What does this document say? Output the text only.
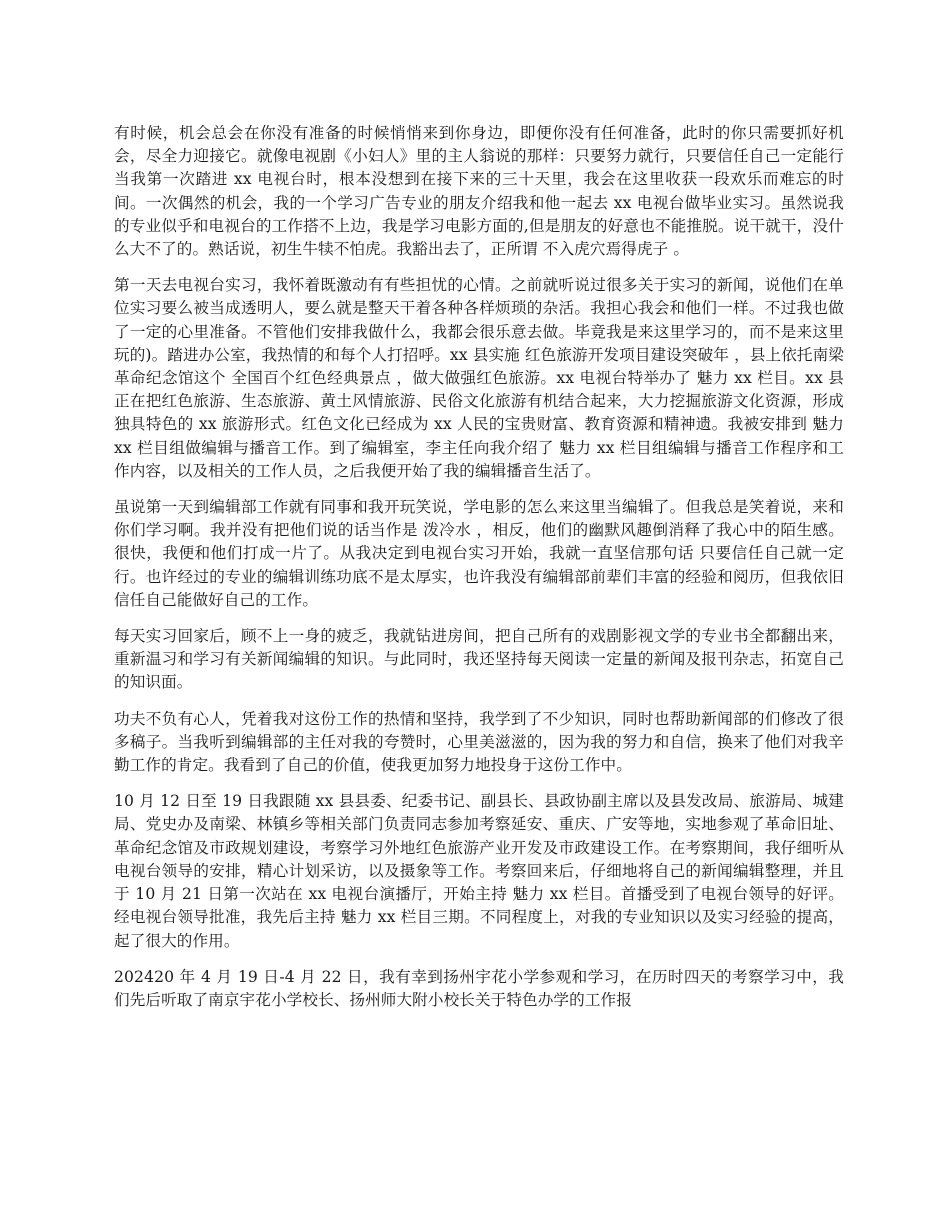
有时候，机会总会在你没有准备的时候悄悄来到你身边，即便你没有任何准备，此时的你只需要抓好机会，尽全力迎接它。就像电视剧《小妇人》里的主人翁说的那样：只要努力就行，只要信任自己一定能行当我第一次踏进 xx 电视台时，根本没想到在接下来的三十天里，我会在这里收获一段欢乐而难忘的时间。一次偶然的机会，我的一个学习广告专业的朋友介绍我和他一起去 xx 电视台做毕业实习。虽然说我的专业似乎和电视台的工作搭不上边，我是学习电影方面的,但是朋友的好意也不能推脱。说干就干，没什么大不了的。熟话说，初生牛犊不怕虎。我豁出去了，正所谓 不入虎穴焉得虎子 。

第一天去电视台实习，我怀着既激动有有些担忧的心情。之前就听说过很多关于实习的新闻，说他们在单位实习要么被当成透明人，要么就是整天干着各种各样烦琐的杂活。我担心我会和他们一样。不过我也做了一定的心里准备。不管他们安排我做什么，我都会很乐意去做。毕竟我是来这里学习的，而不是来这里玩的)。踏进办公室，我热情的和每个人打招呼。xx 县实施 红色旅游开发项目建设突破年 ，县上依托南梁革命纪念馆这个 全国百个红色经典景点 ，做大做强红色旅游。xx 电视台特举办了 魅力 xx 栏目。xx 县正在把红色旅游、生态旅游、黄土风情旅游、民俗文化旅游有机结合起来，大力挖掘旅游文化资源，形成独具特色的 xx 旅游形式。红色文化已经成为 xx 人民的宝贵财富、教育资源和精神遗。我被安排到 魅力 xx 栏目组做编辑与播音工作。到了编辑室，李主任向我介绍了 魅力 xx 栏目组编辑与播音工作程序和工作内容，以及相关的工作人员，之后我便开始了我的编辑播音生活了。

虽说第一天到编辑部工作就有同事和我开玩笑说，学电影的怎么来这里当编辑了。但我总是笑着说，来和你们学习啊。我并没有把他们说的话当作是 泼冷水 ，相反，他们的幽默风趣倒消释了我心中的陌生感。很快，我便和他们打成一片了。从我决定到电视台实习开始，我就一直坚信那句话 只要信任自己就一定行。也许经过的专业的编辑训练功底不是太厚实，也许我没有编辑部前辈们丰富的经验和阅历，但我依旧信任自己能做好自己的工作。

每天实习回家后，顾不上一身的疲乏，我就钻进房间，把自己所有的戏剧影视文学的专业书全都翻出来，重新温习和学习有关新闻编辑的知识。与此同时，我还坚持每天阅读一定量的新闻及报刊杂志，拓宽自己的知识面。

功夫不负有心人，凭着我对这份工作的热情和坚持，我学到了不少知识，同时也帮助新闻部的们修改了很多稿子。当我听到编辑部的主任对我的夸赞时，心里美滋滋的，因为我的努力和自信，换来了他们对我辛勤工作的肯定。我看到了自己的价值，使我更加努力地投身于这份工作中。

10 月 12 日至 19 日我跟随 xx 县县委、纪委书记、副县长、县政协副主席以及县发改局、旅游局、城建局、党史办及南梁、林镇乡等相关部门负责同志参加考察延安、重庆、广安等地，实地参观了革命旧址、革命纪念馆及市政规划建设，考察学习外地红色旅游产业开发及市政建设工作。在考察期间，我仔细听从电视台领导的安排，精心计划采访，以及摄象等工作。考察回来后，仔细地将自己的新闻编辑整理，并且于 10 月 21 日第一次站在 xx 电视台演播厅，开始主持 魅力 xx 栏目。首播受到了电视台领导的好评。经电视台领导批准，我先后主持 魅力 xx 栏目三期。不同程度上，对我的专业知识以及实习经验的提高，起了很大的作用。

202420 年 4 月 19 日-4 月 22 日，我有幸到扬州宇花小学参观和学习，在历时四天的考察学习中，我们先后听取了南京宇花小学校长、扬州师大附小校长关于特色办学的工作报
